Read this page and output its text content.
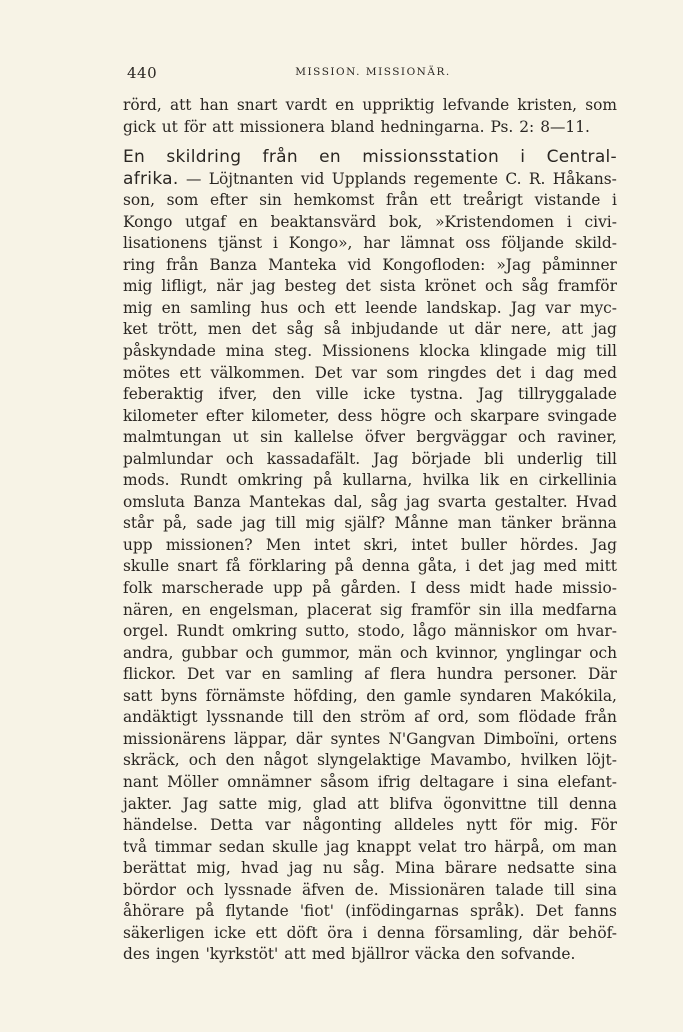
440	MISSION. MISSIONÄR.
rörd, att han snart vardt en uppriktig lefvande kristen, som
gick ut för att missionera bland hedningarna. Ps. 2: 8—11.
En skildring från en missionsstation i Central-
afrika. — Löjtnanten vid Upplands regemente C. R. Håkans-
son, som efter sin hemkomst från ett treårigt vistande i
Kongo utgaf en beaktansvärd bok, »Kristendomen i civi-
lisationens tjänst i Kongo», har lämnat oss följande skild-
ring från Banza Manteka vid Kongofloden: »Jag påminner
mig lifligt, när jag besteg det sista krönet och såg framför
mig en samling hus och ett leende landskap. Jag var myc-
ket trött, men det såg så inbjudande ut där nere, att jag
påskyndade mina steg. Missionens klocka klingade mig till
mötes ett välkommen. Det var som ringdes det i dag med
feberaktig ifver, den ville icke tystna. Jag tillryggalade
kilometer efter kilometer, dess högre och skarpare svingade
malmtungan ut sin kallelse öfver bergväggar och raviner,
palmlundar och kassadafält. Jag började bli underlig till
mods. Rundt omkring på kullarna, hvilka lik en cirkellinia
omsluta Banza Mantekas dal, såg jag svarta gestalter. Hvad
står på, sade jag till mig själf? Månne man tänker bränna
upp missionen? Men intet skri, intet buller hördes. Jag
skulle snart få förklaring på denna gåta, i det jag med mitt
folk marscherade upp på gården. I dess midt hade missio-
nären, en engelsman, placerat sig framför sin illa medfarna
orgel. Rundt omkring sutto, stodo, lågo människor om hvar-
andra, gubbar och gummor, män och kvinnor, ynglingar och
flickor. Det var en samling af flera hundra personer. Där
satt byns förnämste höfding, den gamle syndaren Makókila,
andäktigt lyssnande till den ström af ord, som flödade från
missionärens läppar, där syntes N'Gangvan Dimboïni, ortens
skräck, och den något slyngelaktige Mavambo, hvilken löjt-
nant Möller omnämner såsom ifrig deltagare i sina elefant-
jakter. Jag satte mig, glad att blifva ögonvittne till denna
händelse. Detta var någonting alldeles nytt för mig. För
två timmar sedan skulle jag knappt velat tro härpå, om man
berättat mig, hvad jag nu såg. Mina bärare nedsatte sina
bördor och lyssnade äfven de. Missionären talade till sina
åhörare på flytande 'fiot' (infödingarnas språk). Det fanns
säkerligen icke ett döft öra i denna församling, där behöf-
des ingen 'kyrkstöt' att med bjällror väcka den sofvande.
